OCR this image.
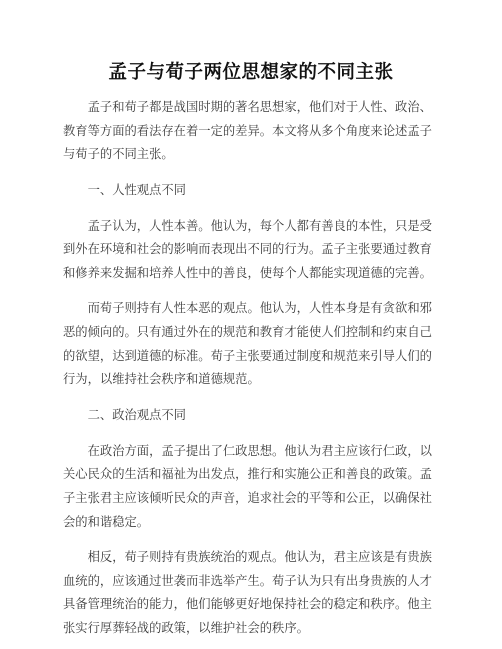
孟子与荀子两位思想家的不同主张

孟子和荀子都是战国时期的著名思想家，他们对于人性、政治、教育等方面的看法存在着一定的差异。本文将从多个角度来论述孟子与荀子的不同主张。

一、人性观点不同

孟子认为，人性本善。他认为，每个人都有善良的本性，只是受到外在环境和社会的影响而表现出不同的行为。孟子主张要通过教育和修养来发掘和培养人性中的善良，使每个人都能实现道德的完善。

而荀子则持有人性本恶的观点。他认为，人性本身是有贪欲和邪恶的倾向的。只有通过外在的规范和教育才能使人们控制和约束自己的欲望，达到道德的标准。荀子主张要通过制度和规范来引导人们的行为，以维持社会秩序和道德规范。

二、政治观点不同

在政治方面，孟子提出了仁政思想。他认为君主应该行仁政，以关心民众的生活和福祉为出发点，推行和实施公正和善良的政策。孟子主张君主应该倾听民众的声音，追求社会的平等和公正，以确保社会的和谐稳定。

相反，荀子则持有贵族统治的观点。他认为，君主应该是有贵族血统的，应该通过世袭而非选举产生。荀子认为只有出身贵族的人才具备管理统治的能力，他们能够更好地保持社会的稳定和秩序。他主张实行厚葬轻战的政策，以维护社会的秩序。
